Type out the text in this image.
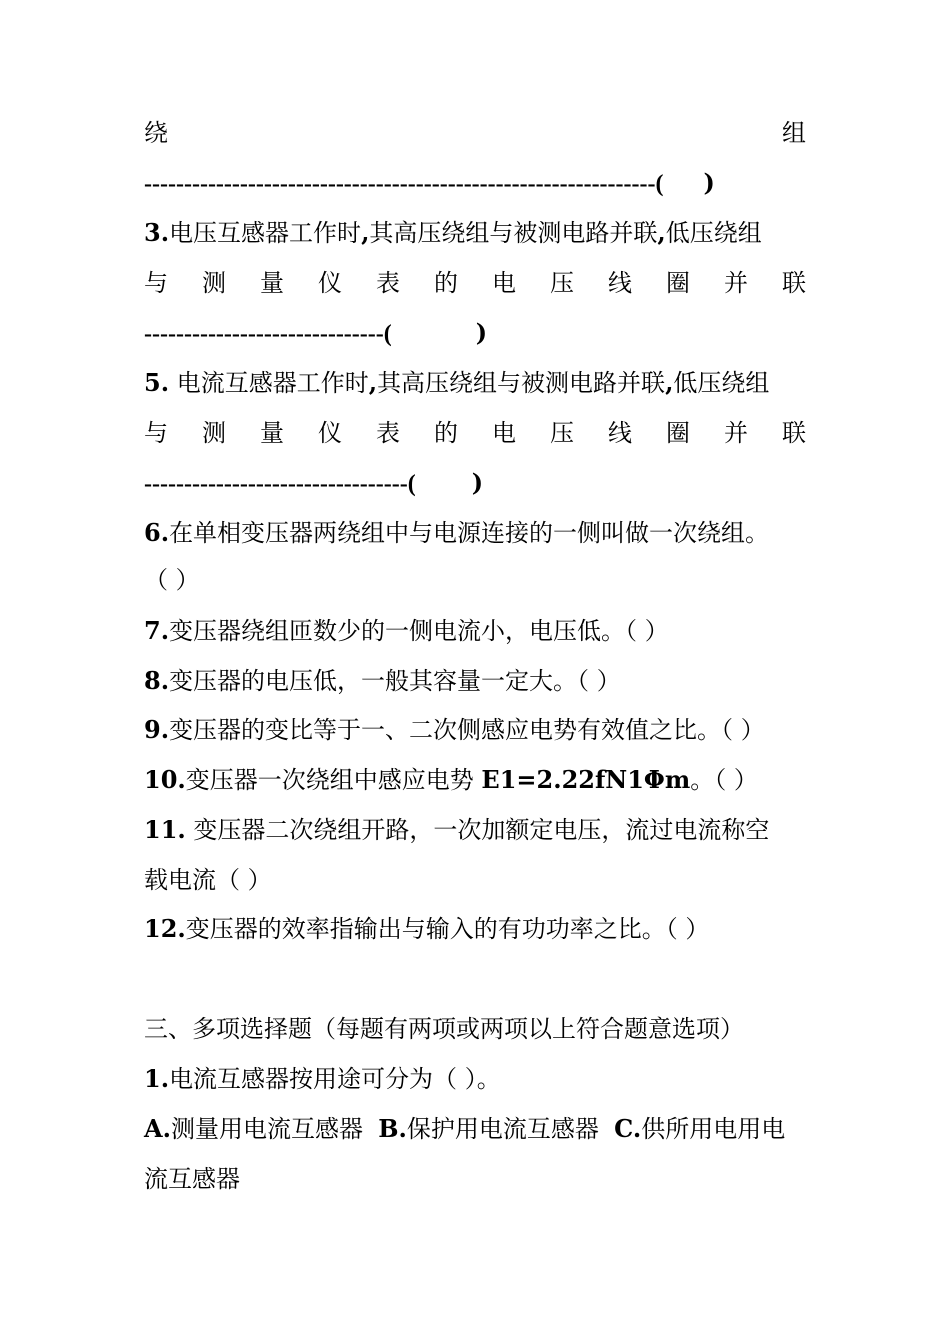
绕	组
----------------------------------------------------------------( )
3.电压互感器工作时,其高压绕组与被测电路并联,低压绕组
与 测 量 仪 表 的 电 压 线 圈 并 联
------------------------------(	)
5. 电流互感器工作时,其高压绕组与被测电路并联,低压绕组
与 测 量 仪 表 的 电 压 线 圈 并 联
---------------------------------( )
6.在单相变压器两绕组中与电源连接的一侧叫做一次绕组。
（ ）
7.变压器绕组匝数少的一侧电流小，电压低。（ ）
8.变压器的电压低，一般其容量一定大。（ ）
9.变压器的变比等于一、二次侧感应电势有效值之比。（ ）
10.变压器一次绕组中感应电势 E1=2.22fN1Φm。（ ）
11. 变压器二次绕组开路，一次加额定电压，流过电流称空
载电流（ ）
12.变压器的效率指输出与输入的有功功率之比。（ ）
三、多项选择题（每题有两项或两项以上符合题意选项）
1.电流互感器按用途可分为（ ）。
A.测量用电流互感器  B.保护用电流互感器  C.供所用电用电
流互感器
